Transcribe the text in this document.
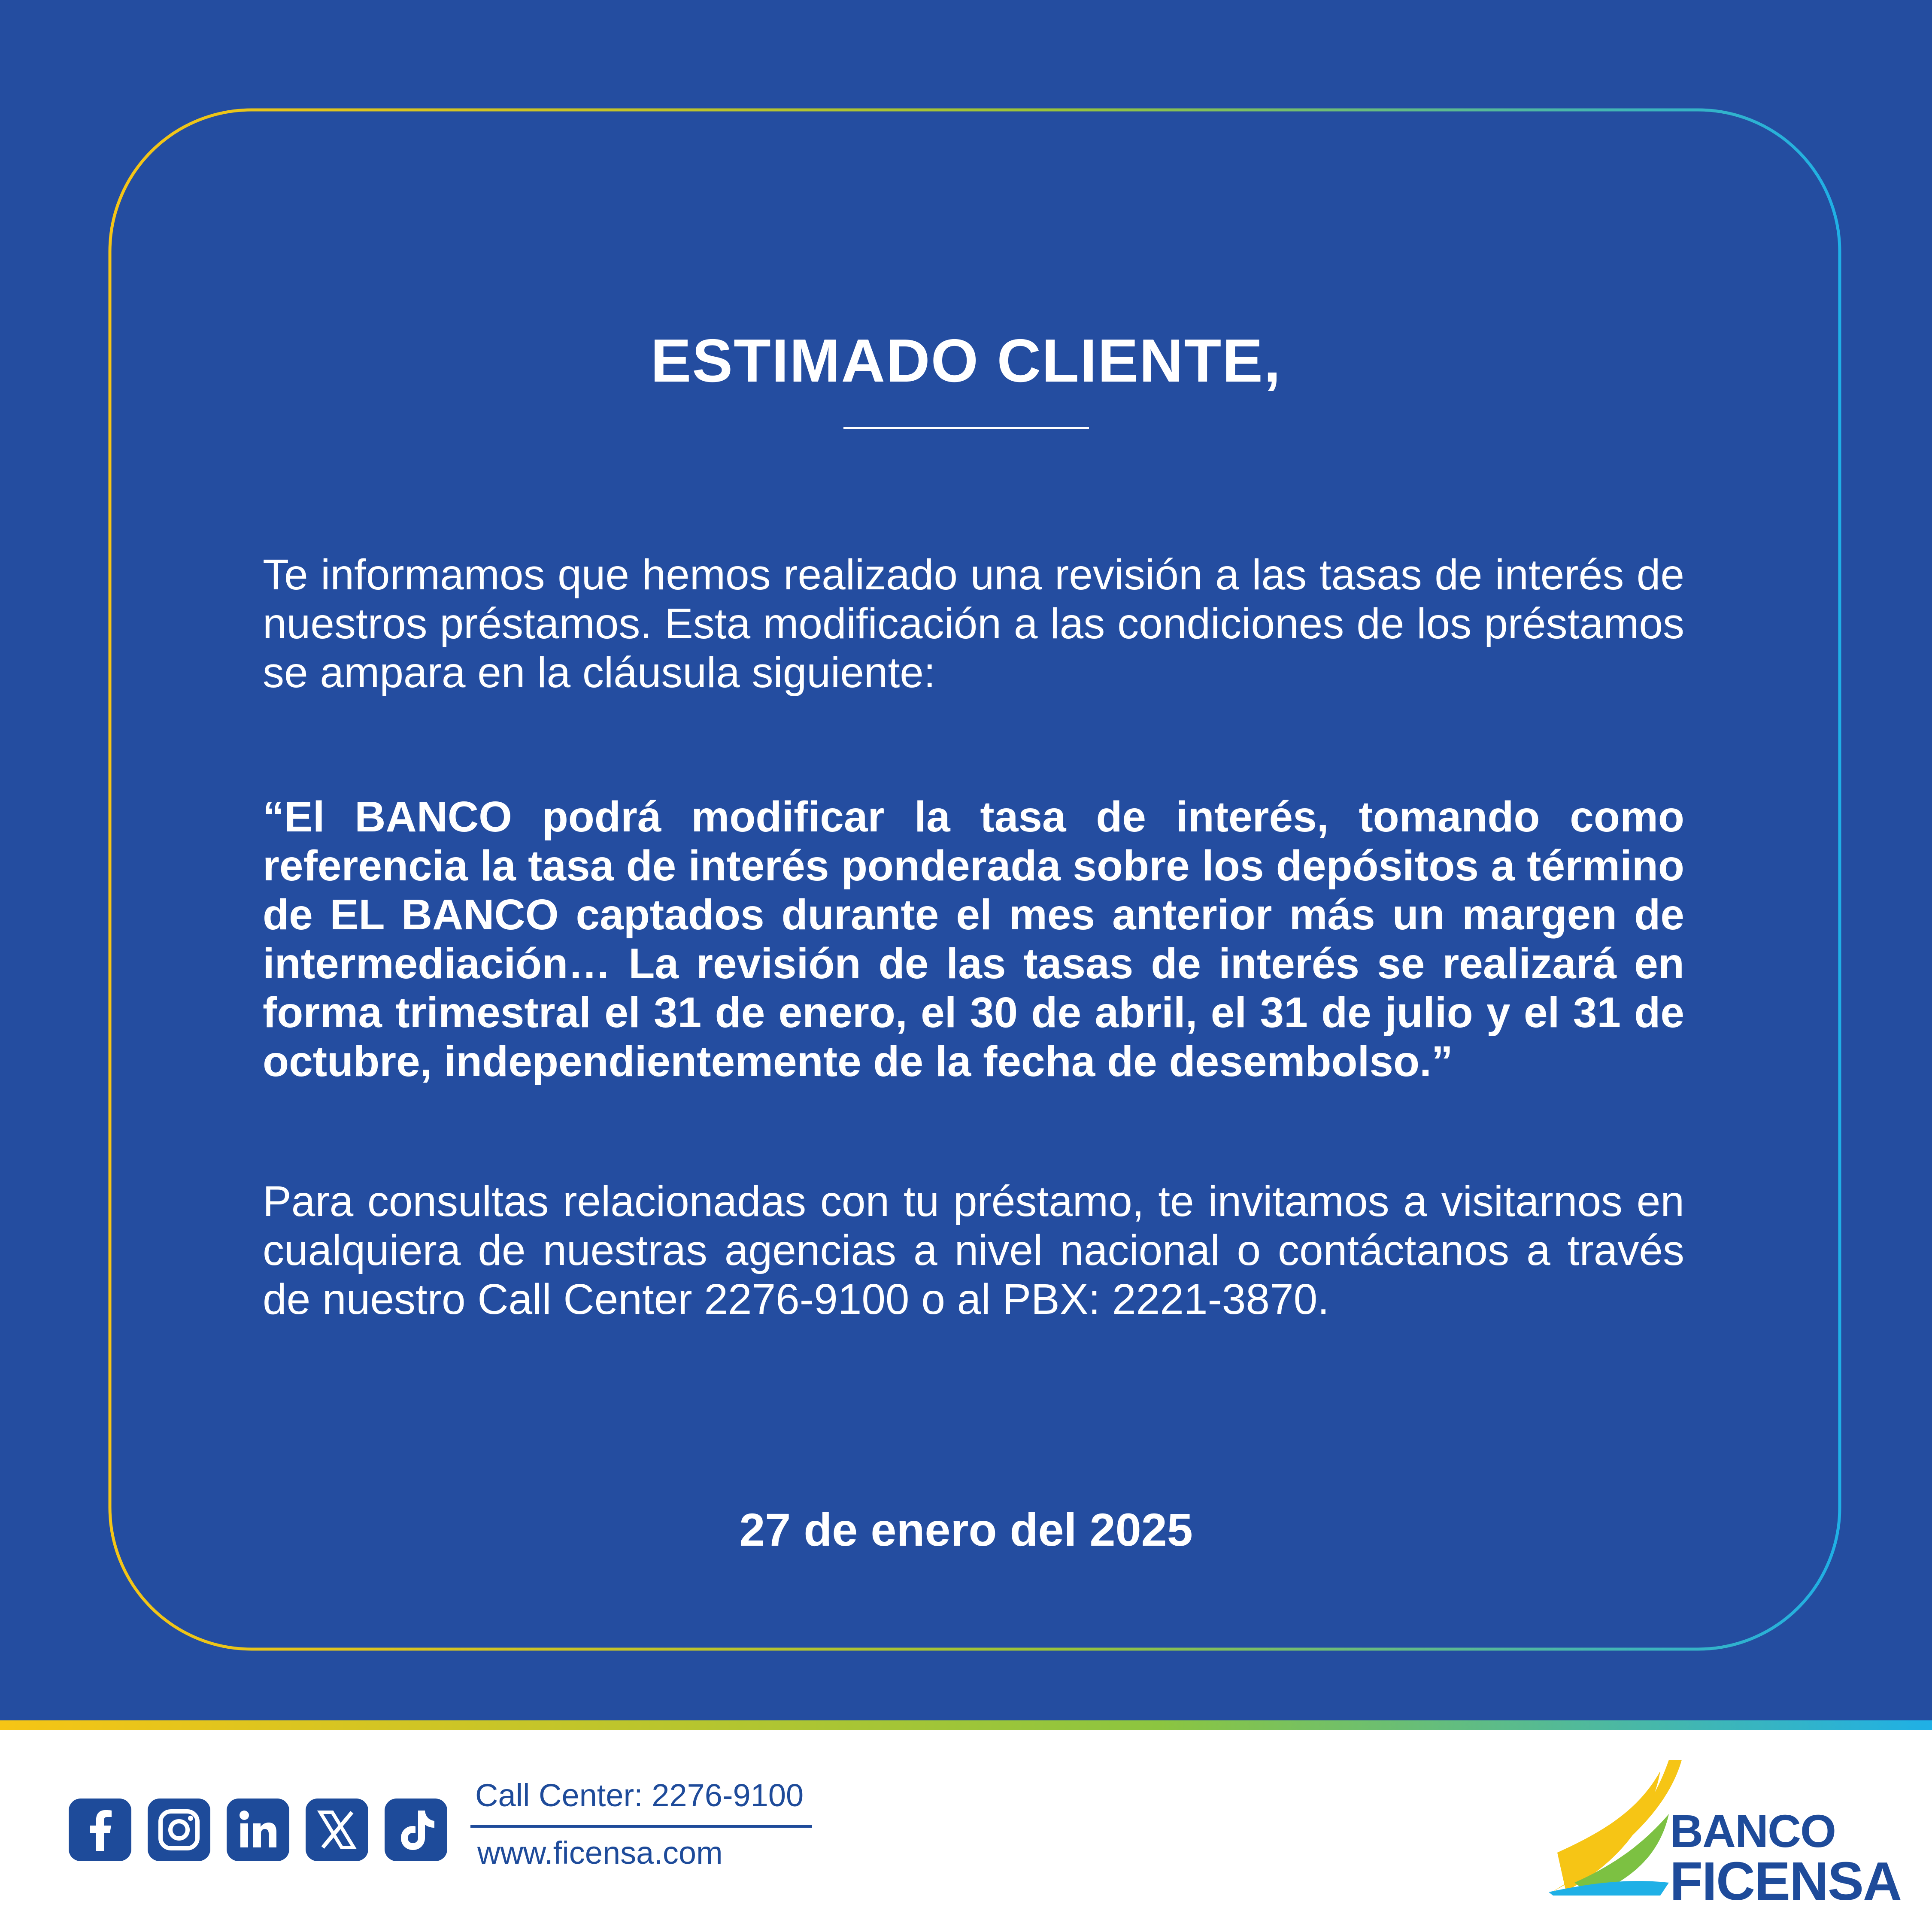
ESTIMADO CLIENTE,

Te informamos que hemos realizado una revisión a las tasas de interés de nuestros préstamos. Esta modificación a las condiciones de los préstamos se ampara en la cláusula siguiente:

“El BANCO podrá modificar la tasa de interés, tomando como referencia la tasa de interés ponderada sobre los depósitos a término de EL BANCO captados durante el mes anterior más un margen de intermediación… La revisión de las tasas de interés se realizará en forma trimestral el 31 de enero, el 30 de abril, el 31 de julio y el 31 de octubre, independientemente de la fecha de desembolso.”

Para consultas relacionadas con tu préstamo, te invitamos a visitarnos en cualquiera de nuestras agencias a nivel nacional o contáctanos a través de nuestro Call Center 2276-9100 o al PBX: 2221-3870.

27 de enero del 2025
Call Center: 2276-9100
www.ficensa.com	BANCO
FICENSA
